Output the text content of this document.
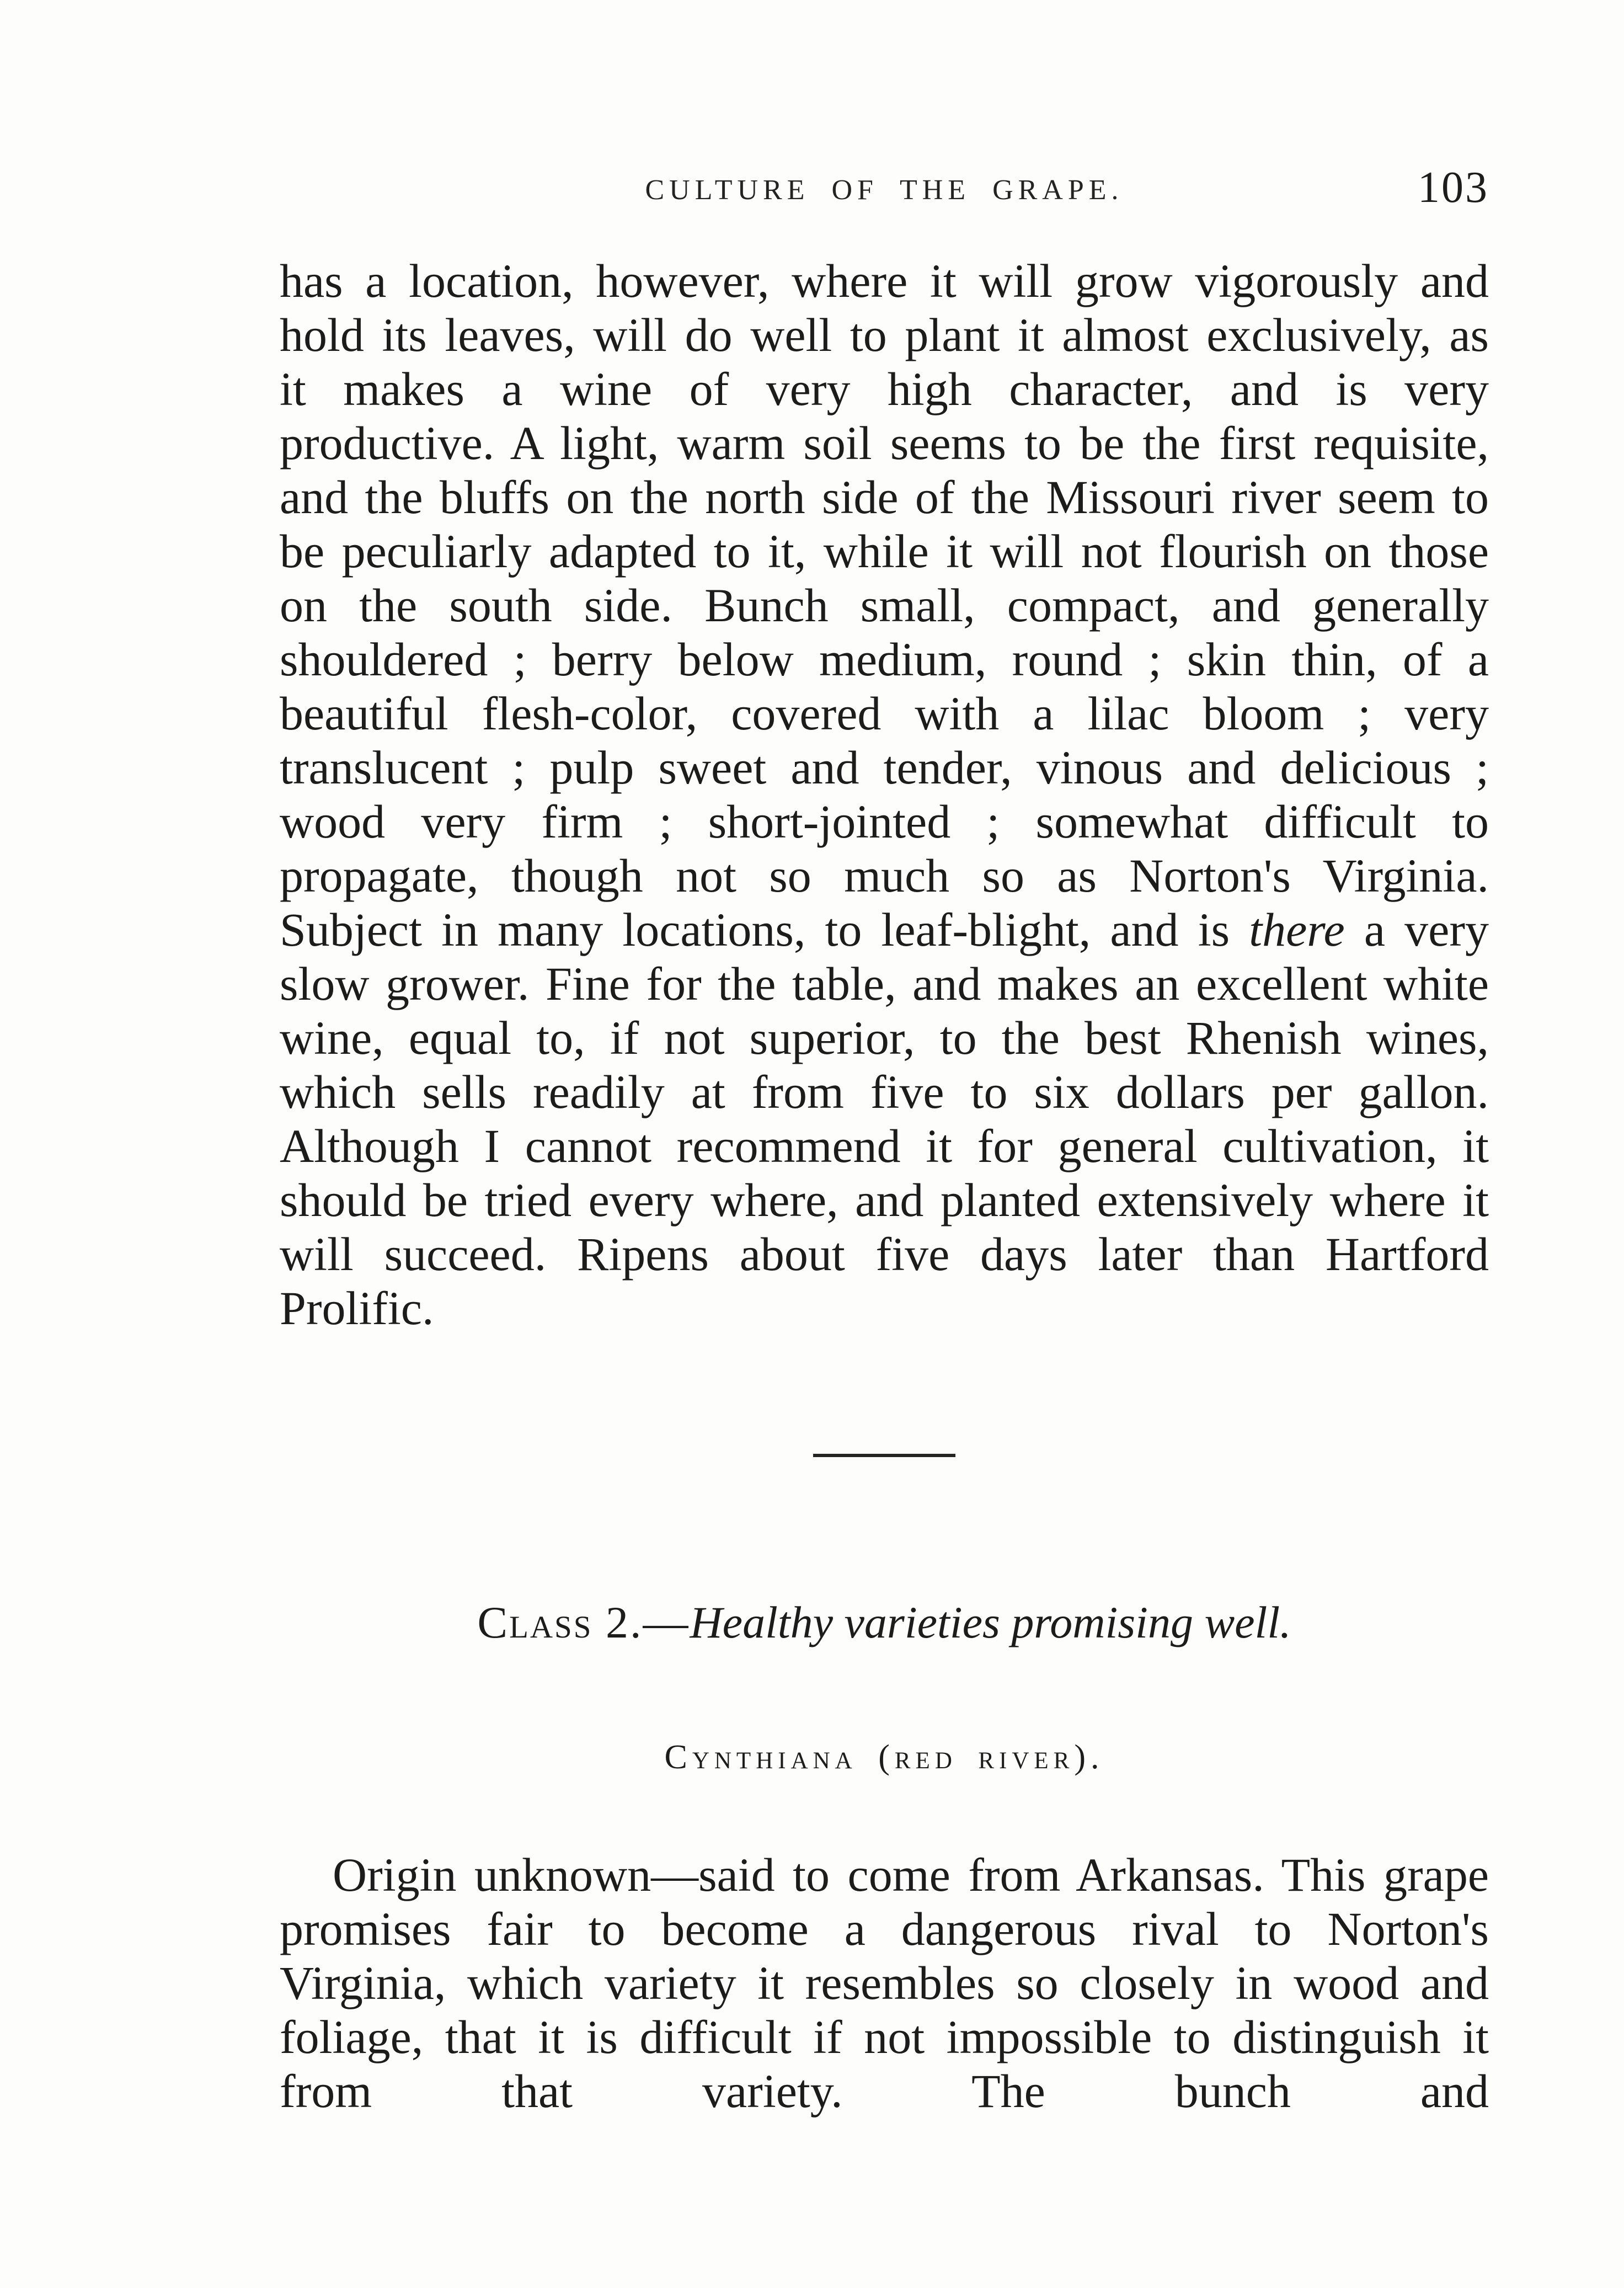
CULTURE OF THE GRAPE.	103

has a location, however, where it will grow vigorously and hold its leaves, will do well to plant it almost exclusively, as it makes a wine of very high character, and is very productive. A light, warm soil seems to be the first requisite, and the bluffs on the north side of the Missouri river seem to be peculiarly adapted to it, while it will not flourish on those on the south side. Bunch small, compact, and generally shouldered ; berry below medium, round ; skin thin, of a beautiful flesh-color, covered with a lilac bloom ; very translucent ; pulp sweet and tender, vinous and delicious ; wood very firm ; short-jointed ; somewhat difficult to propagate, though not so much so as Norton's Virginia. Subject in many locations, to leaf-blight, and is there a very slow grower. Fine for the table, and makes an excellent white wine, equal to, if not superior, to the best Rhenish wines, which sells readily at from five to six dollars per gallon. Although I cannot recommend it for general cultivation, it should be tried every where, and planted extensively where it will succeed. Ripens about five days later than Hartford Prolific.

Class 2.—Healthy varieties promising well.
Cynthiana (red river).

Origin unknown—said to come from Arkansas. This grape promises fair to become a dangerous rival to Norton's Virginia, which variety it resembles so closely in wood and foliage, that it is difficult if not impossible to distinguish it from that variety. The bunch and
